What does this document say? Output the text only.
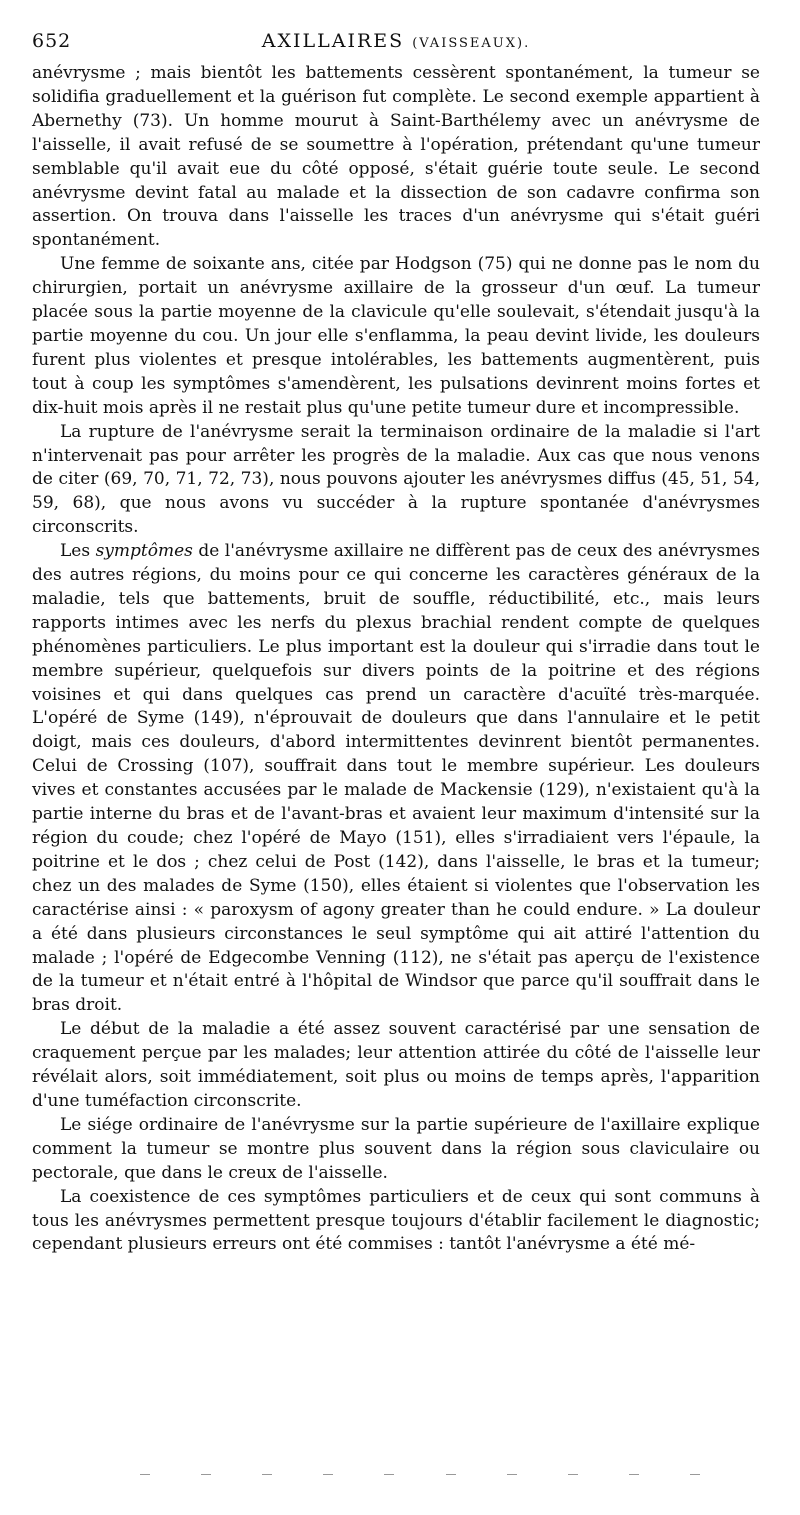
652	AXILLAIRES (VAISSEAUX).

anévrysme ; mais bientôt les battements cessèrent spontanément, la tumeur se solidifia graduellement et la guérison fut complète. Le second exemple appartient à Abernethy (73). Un homme mourut à Saint-Barthélemy avec un anévrysme de l'aisselle, il avait refusé de se soumettre à l'opération, prétendant qu'une tumeur semblable qu'il avait eue du côté opposé, s'était guérie toute seule. Le second anévrysme devint fatal au malade et la dissection de son cadavre confirma son assertion. On trouva dans l'aisselle les traces d'un anévrysme qui s'était guéri spontanément.

Une femme de soixante ans, citée par Hodgson (75) qui ne donne pas le nom du chirurgien, portait un anévrysme axillaire de la grosseur d'un œuf. La tumeur placée sous la partie moyenne de la clavicule qu'elle soulevait, s'étendait jusqu'à la partie moyenne du cou. Un jour elle s'enflamma, la peau devint livide, les douleurs furent plus violentes et presque intolérables, les battements augmentèrent, puis tout à coup les symptômes s'amendèrent, les pulsations devinrent moins fortes et dix-huit mois après il ne restait plus qu'une petite tumeur dure et incompressible.

La rupture de l'anévrysme serait la terminaison ordinaire de la maladie si l'art n'intervenait pas pour arrêter les progrès de la maladie. Aux cas que nous venons de citer (69, 70, 71, 72, 73), nous pouvons ajouter les anévrysmes diffus (45, 51, 54, 59, 68), que nous avons vu succéder à la rupture spontanée d'anévrysmes circonscrits.

Les symptômes de l'anévrysme axillaire ne diffèrent pas de ceux des anévrysmes des autres régions, du moins pour ce qui concerne les caractères généraux de la maladie, tels que battements, bruit de souffle, réductibilité, etc., mais leurs rapports intimes avec les nerfs du plexus brachial rendent compte de quelques phénomènes particuliers. Le plus important est la douleur qui s'irradie dans tout le membre supérieur, quelquefois sur divers points de la poitrine et des régions voisines et qui dans quelques cas prend un caractère d'acuïté très-marquée. L'opéré de Syme (149), n'éprouvait de douleurs que dans l'annulaire et le petit doigt, mais ces douleurs, d'abord intermittentes devinrent bientôt permanentes. Celui de Crossing (107), souffrait dans tout le membre supérieur. Les douleurs vives et constantes accusées par le malade de Mackensie (129), n'existaient qu'à la partie interne du bras et de l'avant-bras et avaient leur maximum d'intensité sur la région du coude; chez l'opéré de Mayo (151), elles s'irradiaient vers l'épaule, la poitrine et le dos ; chez celui de Post (142), dans l'aisselle, le bras et la tumeur; chez un des malades de Syme (150), elles étaient si violentes que l'observation les caractérise ainsi : « paroxysm of agony greater than he could endure. » La douleur a été dans plusieurs circonstances le seul symptôme qui ait attiré l'attention du malade ; l'opéré de Edgecombe Venning (112), ne s'était pas aperçu de l'existence de la tumeur et n'était entré à l'hôpital de Windsor que parce qu'il souffrait dans le bras droit.

Le début de la maladie a été assez souvent caractérisé par une sensation de craquement perçue par les malades; leur attention attirée du côté de l'aisselle leur révélait alors, soit immédiatement, soit plus ou moins de temps après, l'apparition d'une tuméfaction circonscrite.

Le siége ordinaire de l'anévrysme sur la partie supérieure de l'axillaire explique comment la tumeur se montre plus souvent dans la région sous claviculaire ou pectorale, que dans le creux de l'aisselle.

La coexistence de ces symptômes particuliers et de ceux qui sont communs à tous les anévrysmes permettent presque toujours d'établir facilement le diagnostic; cependant plusieurs erreurs ont été commises : tantôt l'anévrysme a été mé-
